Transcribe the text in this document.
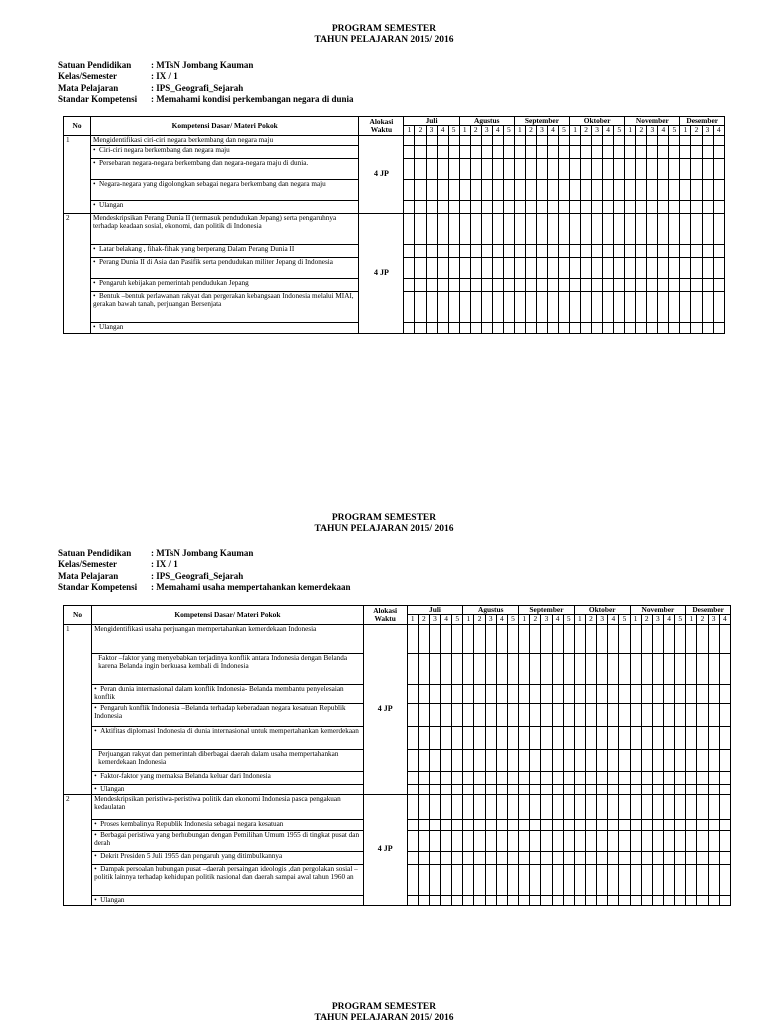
PROGRAM SEMESTER
TAHUN PELAJARAN 2015/ 2016
Satuan Pendidikan	: MTsN Jombang Kauman
Kelas/Semester	: IX / 1
Mata Pelajaran	: IPS_Geografi_Sejarah
Standar Kompetensi	: Memahami kondisi perkembangan negara di dunia
No	Kompetensi Dasar/ Materi Pokok	Alokasi
Waktu	Juli					Agustus					September					Oktober					November					Desember			
			1	2	3	4	5	1	2	3	4	5	1	2	3	4	5	1	2	3	4	5	1	2	3	4	5	1	2	3	4
1	Mengidentifikasi ciri-ciri negara berkembang dan negara maju	4 JP																													

	• Ciri-ciri negara berkembang dan negara maju

	• Persebaran negara-negara berkembang dan negara-negara maju di dunia.

	• Negara-negara yang digolongkan sebagai negara berkembang dan negara maju

	• Ulangan

2	Mendeskripsikan Perang Dunia II (termasuk pendudukan Jepang) serta pengaruhnya terhadap keadaan sosial, ekonomi, dan politik di Indonesia	4 JP																													

	• Latar belakang , fihak-fihak yang berperang Dalam Perang Dunia II

	• Perang Dunia II di Asia dan Pasifik serta pendudukan militer Jepang di Indonesia

	• Pengaruh kebijakan pemerintah pendudukan Jepang

	• Bentuk –bentuk perlawanan rakyat dan pergerakan kebangsaan Indonesia melalui MIAI, gerakan bawah tanah, perjuangan Bersenjata

	• Ulangan

PROGRAM SEMESTER
TAHUN PELAJARAN 2015/ 2016
Satuan Pendidikan	: MTsN Jombang Kauman
Kelas/Semester	: IX / 1
Mata Pelajaran	: IPS_Geografi_Sejarah
Standar Kompetensi	: Memahami usaha mempertahankan kemerdekaan
No	Kompetensi Dasar/ Materi Pokok	Alokasi
Waktu	Juli					Agustus					September					Oktober					November					Desember			
			1	2	3	4	5	1	2	3	4	5	1	2	3	4	5	1	2	3	4	5	1	2	3	4	5	1	2	3	4
1	Mengidentifikasi usaha perjuangan mempertahankan kemerdekaan Indonesia	4 JP																													

	Faktor –faktor yang menyebabkan terjadinya konflik antara Indonesia dengan Belanda karena Belanda ingin berkuasa kembali di Indonesia																														

	• Peran dunia internasional dalam konflik Indonesia- Belanda membantu penyelesaian konflik

	• Pengaruh konflik Indonesia –Belanda terhadap keberadaan negara kesatuan Republik Indonesia

	• Aktifitas diplomasi Indonesia di dunia internasional untuk mempertahankan kemerdekaan

	Perjuangan rakyat dan pemerintah diberbagai daerah dalam usaha mempertahankan kemerdekaan Indonesia																														

	• Faktor-faktor yang memaksa Belanda keluar dari Indonesia

	• Ulangan

2	Mendeskripsikan peristiwa-peristiwa politik dan ekonomi Indonesia pasca pengakuan kedaulatan	4 JP																													

	• Proses kembalinya Republik Indonesia sebagai negara kesatuan

	• Berbagai peristiwa yang berhubungan dengan Pemilihan Umum 1955 di tingkat pusat dan derah

	• Dekrit Presiden 5 Juli 1955 dan pengaruh yang ditimbulkannya

	• Dampak persoalan hubungan pusat –daerah persaingan ideologis ,dan pergolakan sosial –politik lainnya terhadap kehidupan politik nasional dan daerah sampai awal tahun 1960 an

	• Ulangan

PROGRAM SEMESTER
TAHUN PELAJARAN 2015/ 2016
